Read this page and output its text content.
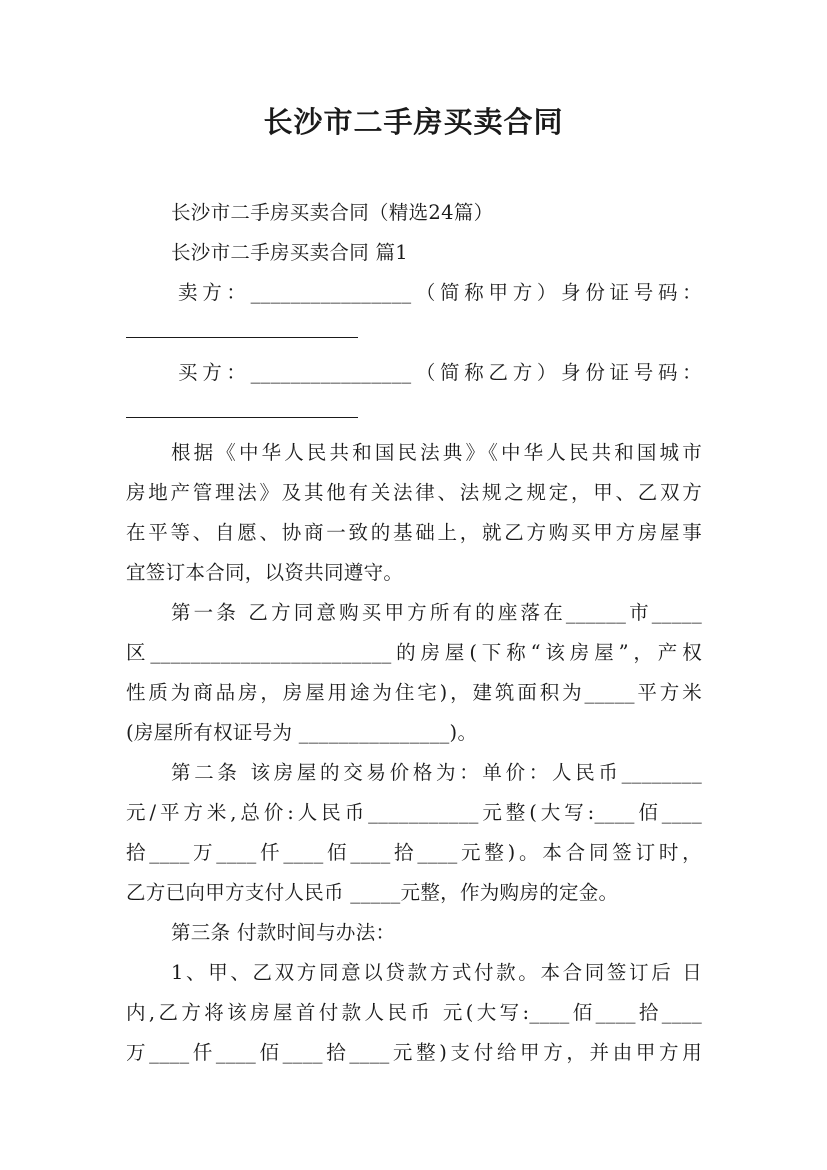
长沙市二手房买卖合同
长沙市二手房买卖合同（精选24篇）
长沙市二手房买卖合同 篇1
卖方：________________（简称甲方）身份证号码：
买方：________________（简称乙方）身份证号码：
根据《中华人民共和国民法典》《中华人民共和国城市
房地产管理法》及其他有关法律、法规之规定，甲、乙双方
在平等、自愿、协商一致的基础上，就乙方购买甲方房屋事
宜签订本合同，以资共同遵守。
第一条 乙方同意购买甲方所有的座落在______市_____
区________________________的房屋(下称“该房屋”，产权
性质为商品房，房屋用途为住宅)，建筑面积为_____平方米
(房屋所有权证号为 _______________)。
第二条 该房屋的交易价格为：单价：人民币________
元/平方米,总价:人民币___________元整(大写:____佰____
拾____万____仟____佰____拾____元整)。本合同签订时，
乙方已向甲方支付人民币 _____元整，作为购房的定金。
第三条 付款时间与办法：
1、甲、乙双方同意以贷款方式付款。本合同签订后 日
内,乙方将该房屋首付款人民币 元(大写:____佰____拾____
万____仟____佰____拾____元整)支付给甲方，并由甲方用
